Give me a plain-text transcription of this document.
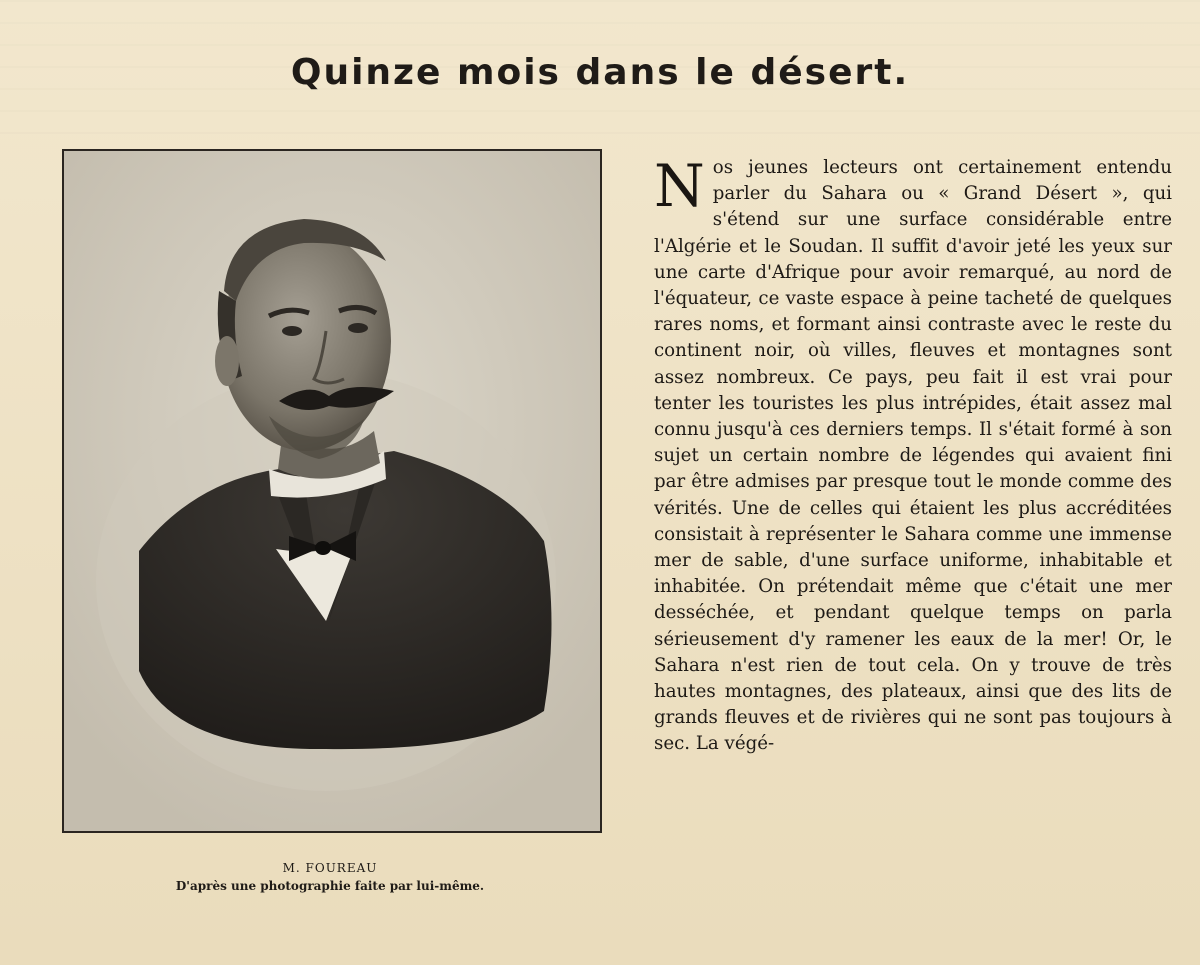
Quinze mois dans le désert.
M. FOUREAU
D'après une photographie faite par lui-même.
Nos jeunes lecteurs ont certainement entendu parler du Sahara ou « Grand Désert », qui s'étend sur une surface considérable entre l'Algérie et le Soudan. Il suffit d'avoir jeté les yeux sur une carte d'Afrique pour avoir remarqué, au nord de l'équateur, ce vaste espace à peine tacheté de quelques rares noms, et formant ainsi contraste avec le reste du continent noir, où villes, fleuves et montagnes sont assez nombreux. Ce pays, peu fait il est vrai pour tenter les touristes les plus intrépides, était assez mal connu jusqu'à ces derniers temps. Il s'était formé à son sujet un certain nombre de légendes qui avaient fini par être admises par presque tout le monde comme des vérités. Une de celles qui étaient les plus accréditées consistait à représenter le Sahara comme une immense mer de sable, d'une surface uniforme, inhabitable et inhabitée. On prétendait même que c'était une mer desséchée, et pendant quelque temps on parla sérieusement d'y ramener les eaux de la mer! Or, le Sahara n'est rien de tout cela. On y trouve de très hautes montagnes, des plateaux, ainsi que des lits de grands fleuves et de rivières qui ne sont pas toujours à sec. La végé-
